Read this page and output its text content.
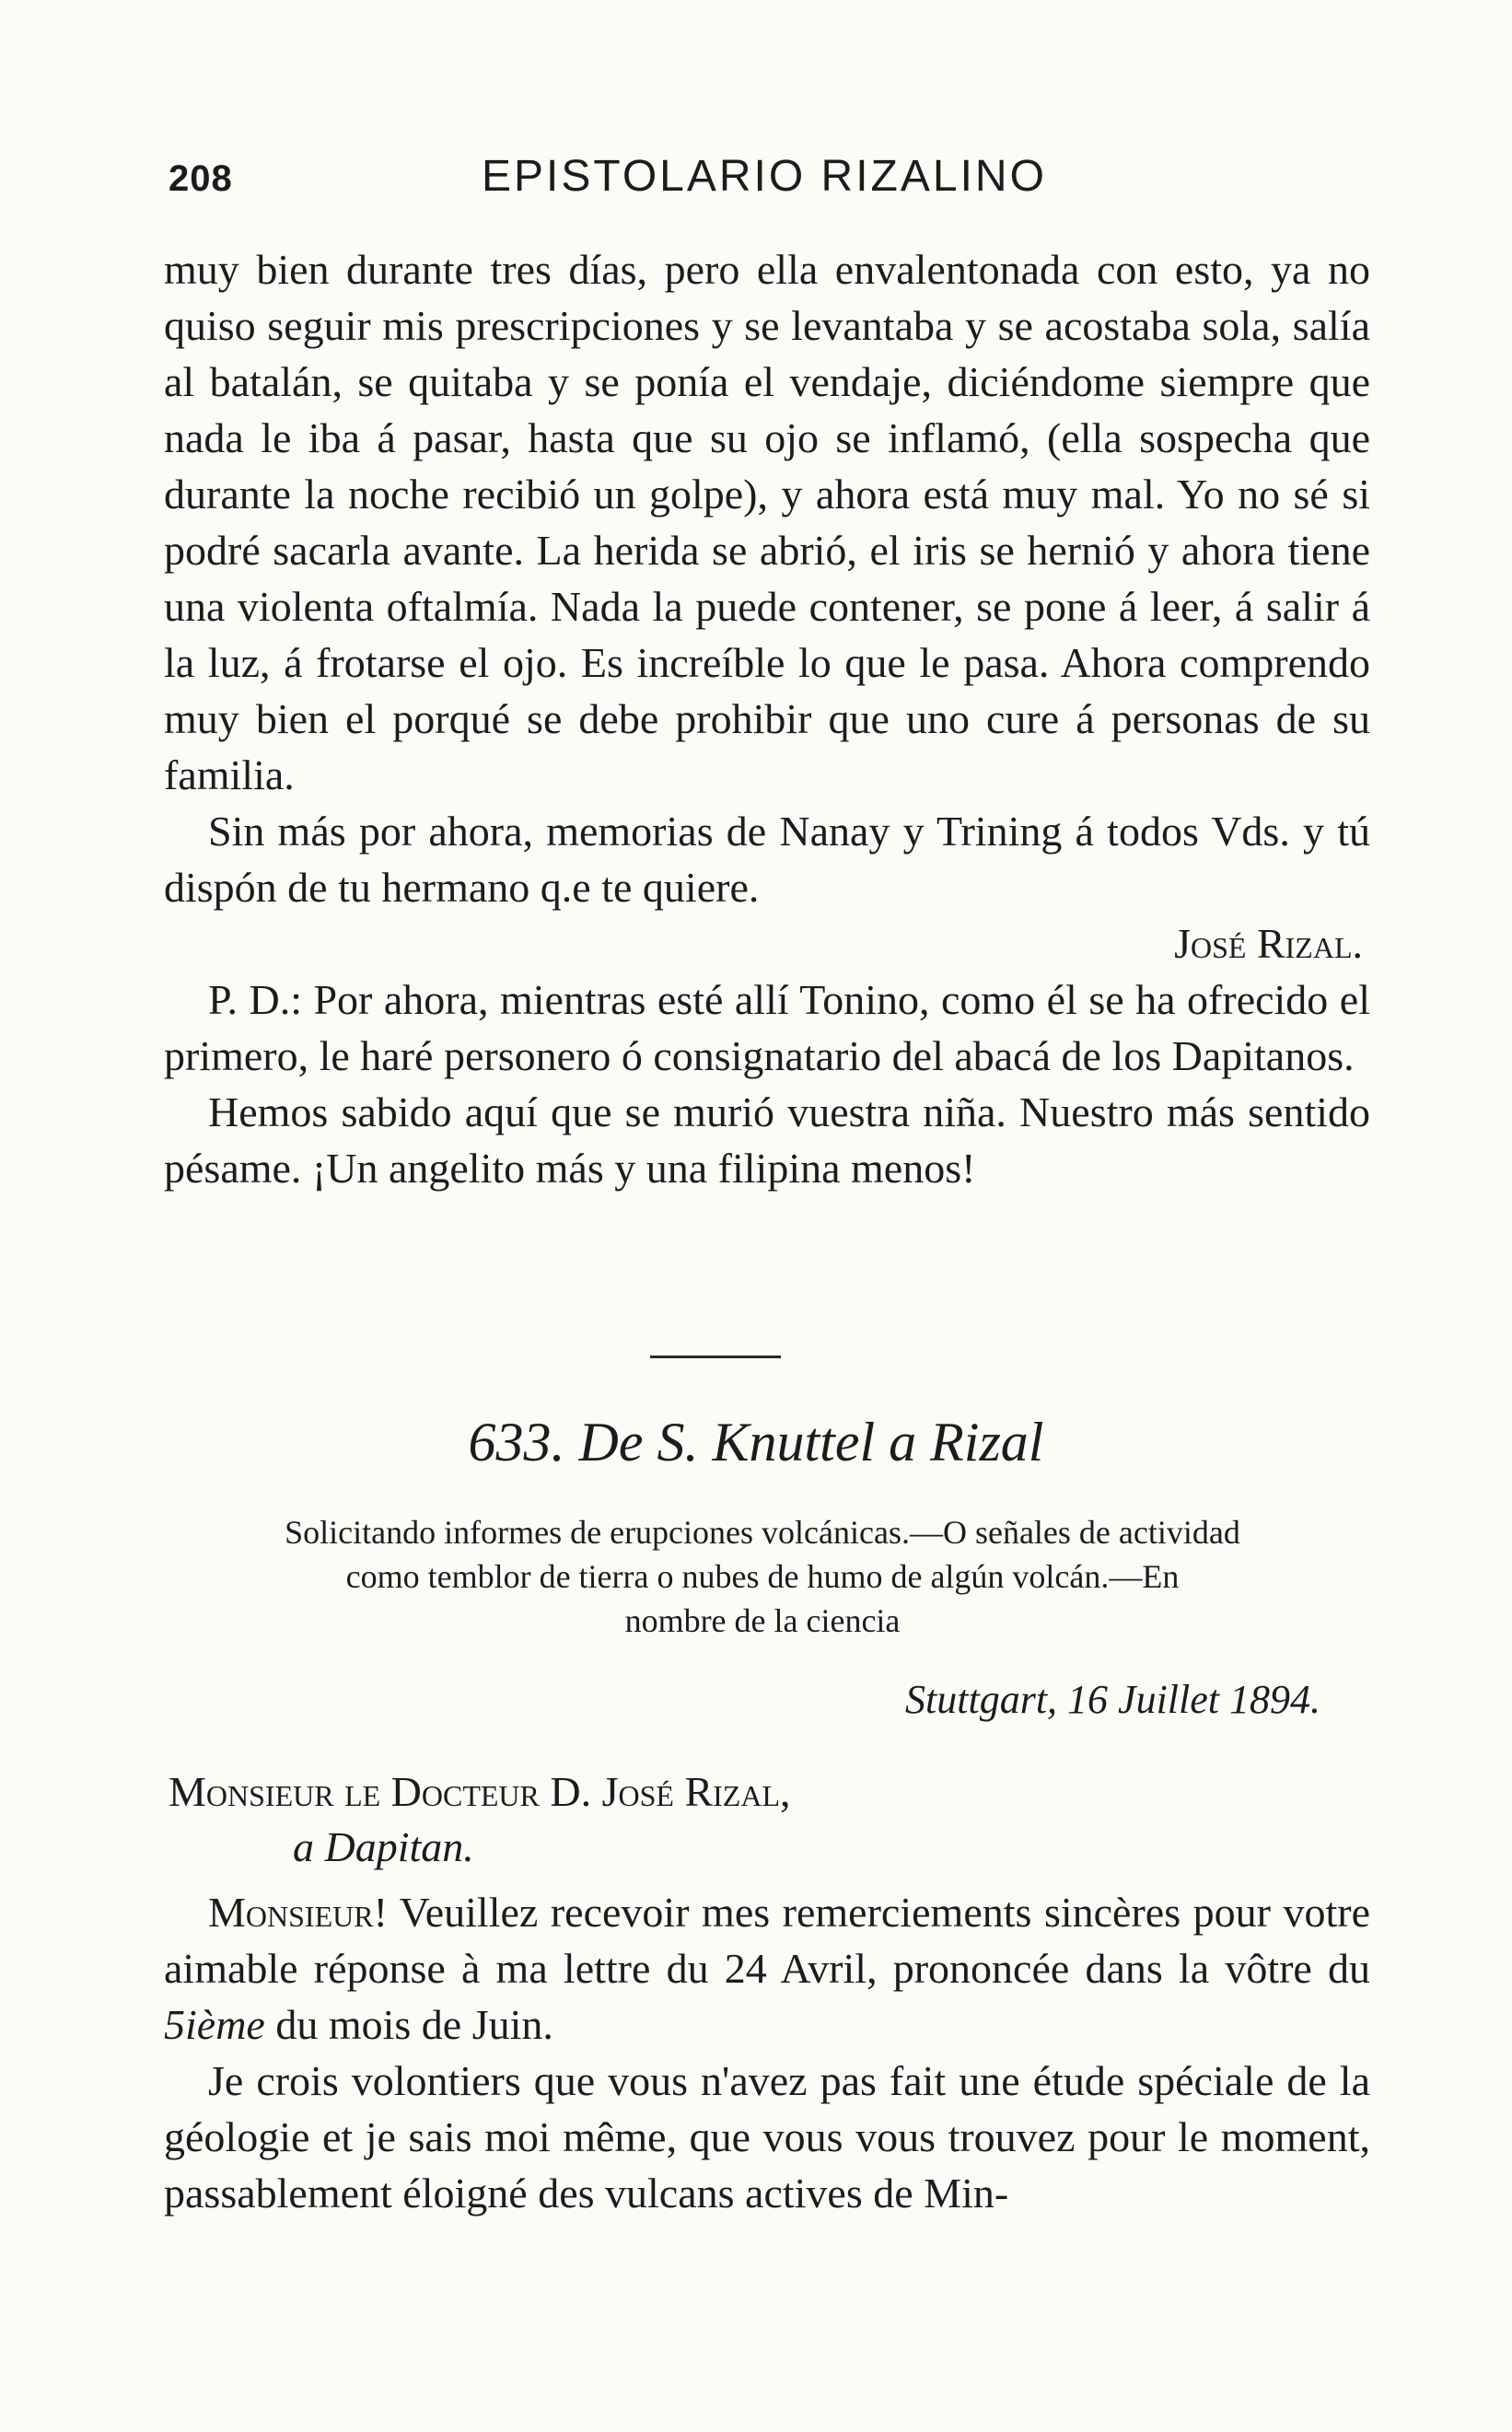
208	EPISTOLARIO RIZALINO

muy bien durante tres días, pero ella envalentonada con esto, ya no quiso seguir mis prescripciones y se levantaba y se acostaba sola, salía al batalán, se quitaba y se ponía el vendaje, diciéndome siempre que nada le iba á pasar, hasta que su ojo se inflamó, (ella sospecha que durante la noche recibió un golpe), y ahora está muy mal. Yo no sé si podré sacarla avante. La herida se abrió, el iris se hernió y ahora tiene una violenta oftalmía. Nada la puede contener, se pone á leer, á salir á la luz, á frotarse el ojo. Es increíble lo que le pasa. Ahora comprendo muy bien el porqué se debe prohibir que uno cure á personas de su familia.

Sin más por ahora, memorias de Nanay y Trining á todos Vds. y tú dispón de tu hermano q.e te quiere.

José Rizal.

P. D.: Por ahora, mientras esté allí Tonino, como él se ha ofrecido el primero, le haré personero ó consignatario del abacá de los Dapitanos.

Hemos sabido aquí que se murió vuestra niña. Nuestro más sentido pésame. ¡Un angelito más y una filipina menos!

633. De S. Knuttel a Rizal
Solicitando informes de erupciones volcánicas.—O señales de actividad
como temblor de tierra o nubes de humo de algún volcán.—En
nombre de la ciencia
Stuttgart, 16 Juillet 1894.
Monsieur le Docteur D. José Rizal,
a Dapitan.

Monsieur! Veuillez recevoir mes remerciements sincères pour votre aimable réponse à ma lettre du 24 Avril, prononcée dans la vôtre du 5ième du mois de Juin.

Je crois volontiers que vous n'avez pas fait une étude spéciale de la géologie et je sais moi même, que vous vous trouvez pour le moment, passablement éloigné des vulcans actives de Min-
